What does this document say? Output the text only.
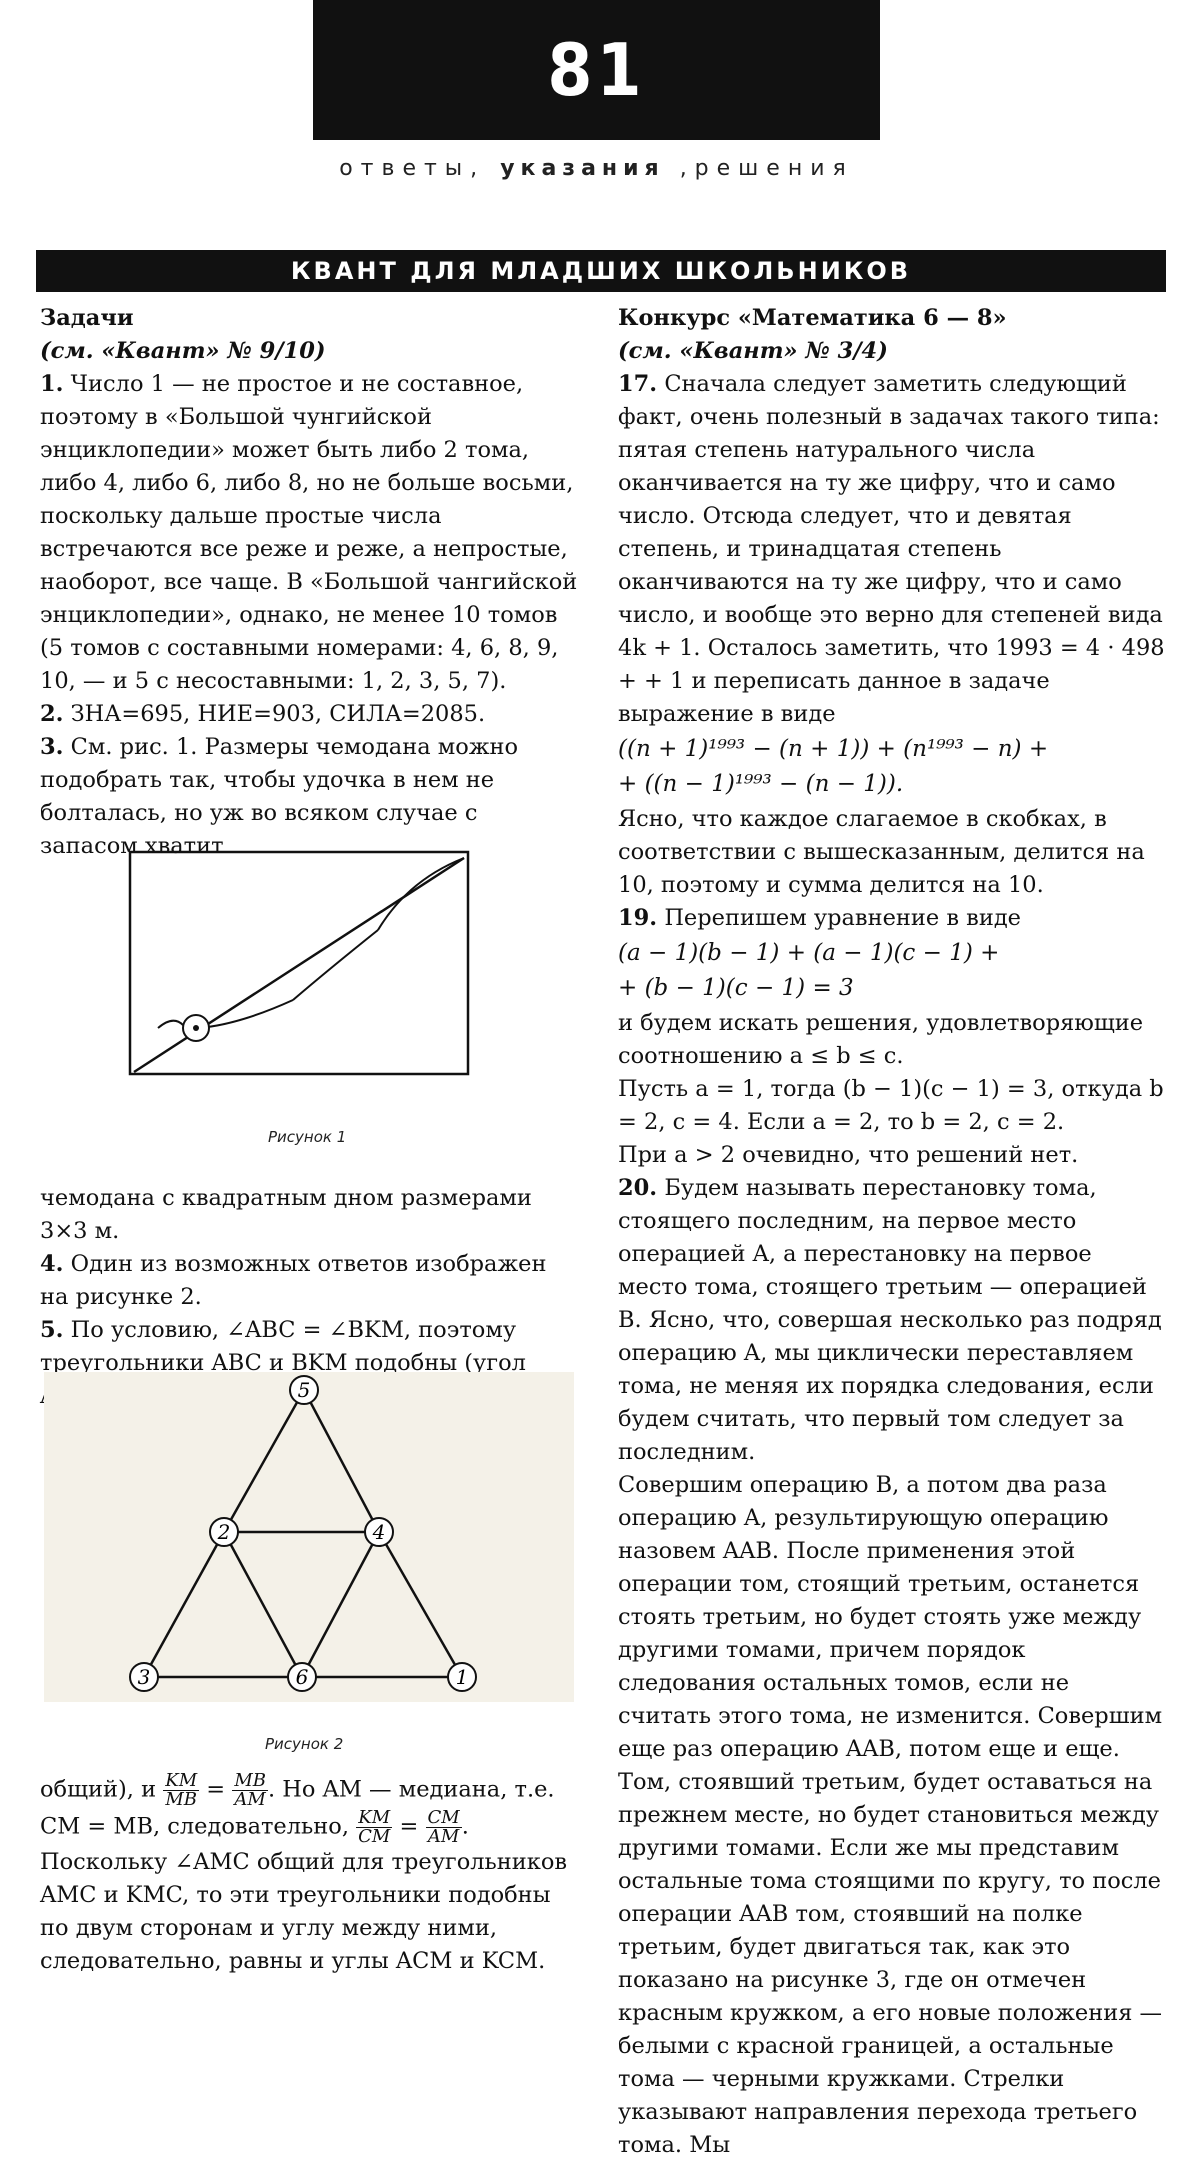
81
ответы, указания ,решения
КВАНТ ДЛЯ МЛАДШИХ ШКОЛЬНИКОВ

Задачи

(см. «Квант» № 9/10)

1. Число 1 — не простое и не составное, поэтому в «Большой чунгийской энциклопедии» может быть либо 2 тома, либо 4, либо 6, либо 8, но не больше восьми, поскольку дальше простые числа встречаются все реже и реже, а непростые, наоборот, все чаще. В «Большой чангийской энциклопедии», однако, не менее 10 томов (5 томов с составными номерами: 4, 6, 8, 9, 10, — и 5 с несоставными: 1, 2, 3, 5, 7).

2. ЗНА=695, НИЕ=903, СИЛА=2085.

3. См. рис. 1. Размеры чемодана можно подобрать так, чтобы удочка в нем не болталась, но уж во всяком случае с запасом хватит

Рисунок 1

чемодана с квадратным дном размерами 3×3 м.

4. Один из возможных ответов изображен на рисунке 2.

5. По условию, ∠ABC = ∠BKM, поэтому треугольники ABC и BKM подобны (угол AMB у них	5
2	4
3	6	1
Рисунок 2

общий), и $\frac{KM}{MB} = \frac{MB}{AM}$ . Но AM — медиана, т.е. CM = MB, следовательно, $\frac{KM}{CM} = \frac{CM}{AM}$ . Поскольку ∠AMC общий для треугольников AMC и KMC, то эти треугольники подобны по двум сторонам и углу между ними, следовательно, равны и углы ACM и KCM.

Конкурс «Математика 6 — 8»

(см. «Квант» № 3/4)

17. Сначала следует заметить следующий факт, очень полезный в задачах такого типа: пятая степень натурального числа оканчивается на ту же цифру, что и само число. Отсюда следует, что и девятая степень, и тринадцатая степень оканчиваются на ту же цифру, что и само число, и вообще это верно для степеней вида 4k + 1. Осталось заметить, что 1993 = 4 · 498 + + 1 и переписать данное в задаче выражение в виде

((n + 1)¹⁹⁹³ − (n + 1)) + (n¹⁹⁹³ − n) +

+ ((n − 1)¹⁹⁹³ − (n − 1)).

Ясно, что каждое слагаемое в скобках, в соответствии с вышесказанным, делится на 10, поэтому и сумма делится на 10.

19. Перепишем уравнение в виде

(a − 1)(b − 1) + (a − 1)(c − 1) +

+ (b − 1)(c − 1) = 3

и будем искать решения, удовлетворяющие соотношению a ≤ b ≤ c.

Пусть a = 1, тогда (b − 1)(c − 1) = 3, откуда b = 2, c = 4. Если a = 2, то b = 2, c = 2.

При a > 2 очевидно, что решений нет.

20. Будем называть перестановку тома, стоящего последним, на первое место операцией A, а перестановку на первое место тома, стоящего третьим — операцией B. Ясно, что, совершая несколько раз подряд операцию A, мы циклически переставляем тома, не меняя их порядка следования, если будем считать, что первый том следует за последним.

Совершим операцию B, а потом два раза операцию A, результирующую операцию назовем AAB. После применения этой операции том, стоящий третьим, останется стоять третьим, но будет стоять уже между другими томами, причем порядок следования остальных томов, если не считать этого тома, не изменится. Совершим еще раз операцию AAB, потом еще и еще. Том, стоявший третьим, будет оставаться на прежнем месте, но будет становиться между другими томами. Если же мы представим остальные тома стоящими по кругу, то после операции AAB том, стоявший на полке третьим, будет двигаться так, как это показано на рисунке 3, где он отмечен красным кружком, а его новые положения — белыми с красной границей, а остальные тома — черными кружками. Стрелки указывают направления перехода третьего тома. Мы
